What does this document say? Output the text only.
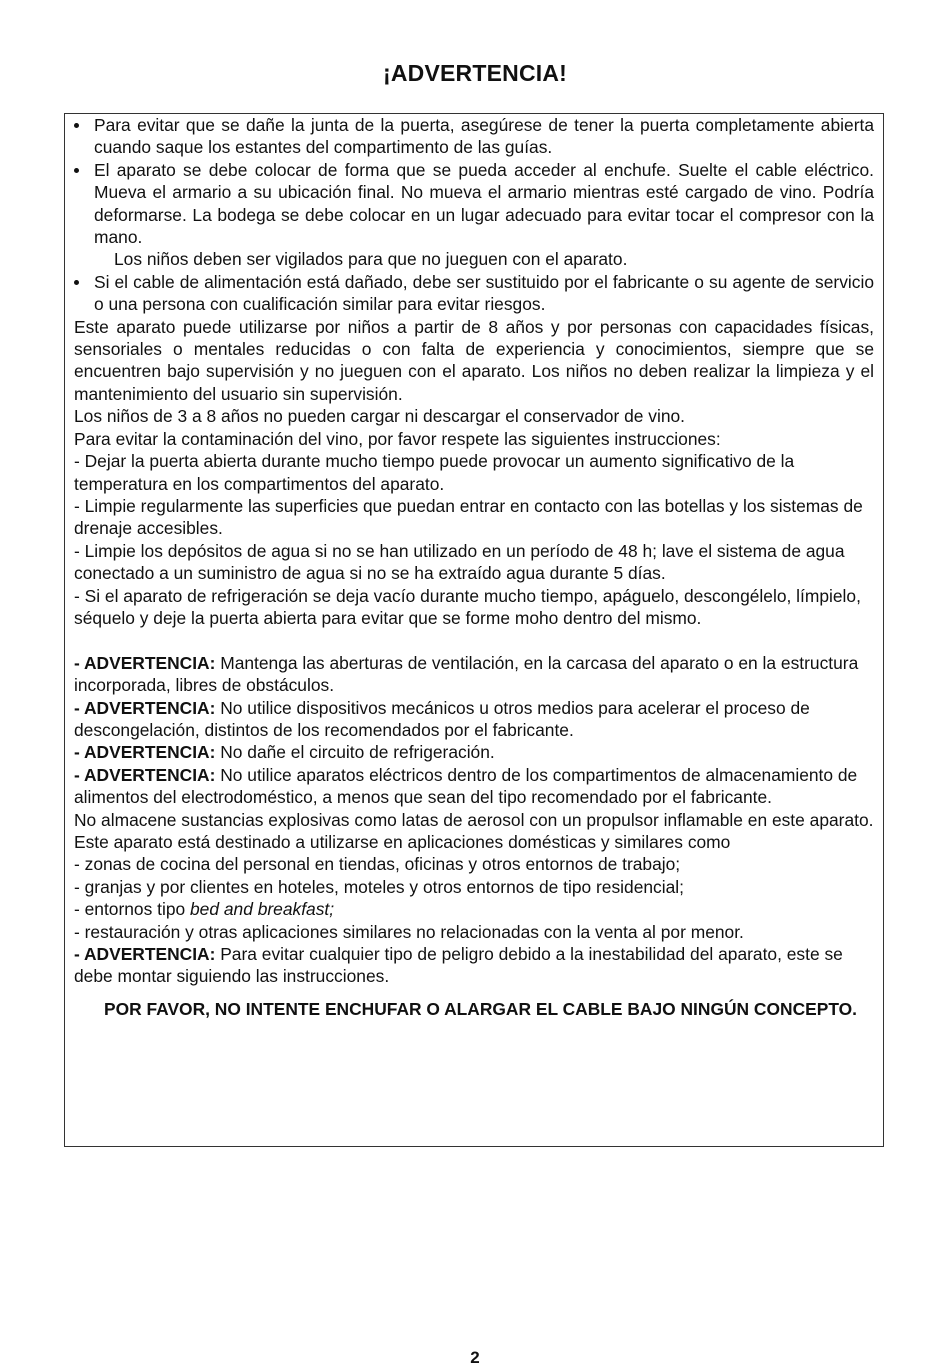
¡ADVERTENCIA!
Para evitar que se dañe la junta de la puerta, asegúrese de tener la puerta completamente abierta cuando saque los estantes del compartimento de las guías.
El aparato se debe colocar de forma que se pueda acceder al enchufe. Suelte el cable eléctrico. Mueva el armario a su ubicación final. No mueva el armario mientras esté cargado de vino. Podría deformarse. La bodega se debe colocar en un lugar adecuado para evitar tocar el compresor con la mano.
Los niños deben ser vigilados para que no jueguen con el aparato.
Si el cable de alimentación está dañado, debe ser sustituido por el fabricante o su agente de servicio o una persona con cualificación similar para evitar riesgos.
Este aparato puede utilizarse por niños a partir de 8 años y por personas con capacidades físicas, sensoriales o mentales reducidas o con falta de experiencia y conocimientos, siempre que se encuentren bajo supervisión y no jueguen con el aparato. Los niños no deben realizar la limpieza y el mantenimiento del usuario sin supervisión.
Los niños de 3 a 8 años no pueden cargar ni descargar el conservador de vino.
Para evitar la contaminación del vino, por favor respete las siguientes instrucciones:
- Dejar la puerta abierta durante mucho tiempo puede provocar un aumento significativo de la temperatura en los compartimentos del aparato.
- Limpie regularmente las superficies que puedan entrar en contacto con las botellas y los sistemas de drenaje accesibles.
- Limpie los depósitos de agua si no se han utilizado en un período de 48 h; lave el sistema de agua conectado a un suministro de agua si no se ha extraído agua durante 5 días.
- Si el aparato de refrigeración se deja vacío durante mucho tiempo, apáguelo, descongélelo, límpielo, séquelo y deje la puerta abierta para evitar que se forme moho dentro del mismo.
- ADVERTENCIA: Mantenga las aberturas de ventilación, en la carcasa del aparato o en la estructura incorporada, libres de obstáculos.
- ADVERTENCIA: No utilice dispositivos mecánicos u otros medios para acelerar el proceso de descongelación, distintos de los recomendados por el fabricante.
- ADVERTENCIA: No dañe el circuito de refrigeración.
- ADVERTENCIA: No utilice aparatos eléctricos dentro de los compartimentos de almacenamiento de alimentos del electrodoméstico, a menos que sean del tipo recomendado por el fabricante.
No almacene sustancias explosivas como latas de aerosol con un propulsor inflamable en este aparato.
Este aparato está destinado a utilizarse en aplicaciones domésticas y similares como
- zonas de cocina del personal en tiendas, oficinas y otros entornos de trabajo;
- granjas y por clientes en hoteles, moteles y otros entornos de tipo residencial;
- entornos tipo bed and breakfast;
- restauración y otras aplicaciones similares no relacionadas con la venta al por menor.
- ADVERTENCIA: Para evitar cualquier tipo de peligro debido a la inestabilidad del aparato, este se debe montar siguiendo las instrucciones.
POR FAVOR, NO INTENTE ENCHUFAR O ALARGAR EL CABLE BAJO NINGÚN CONCEPTO.
2
